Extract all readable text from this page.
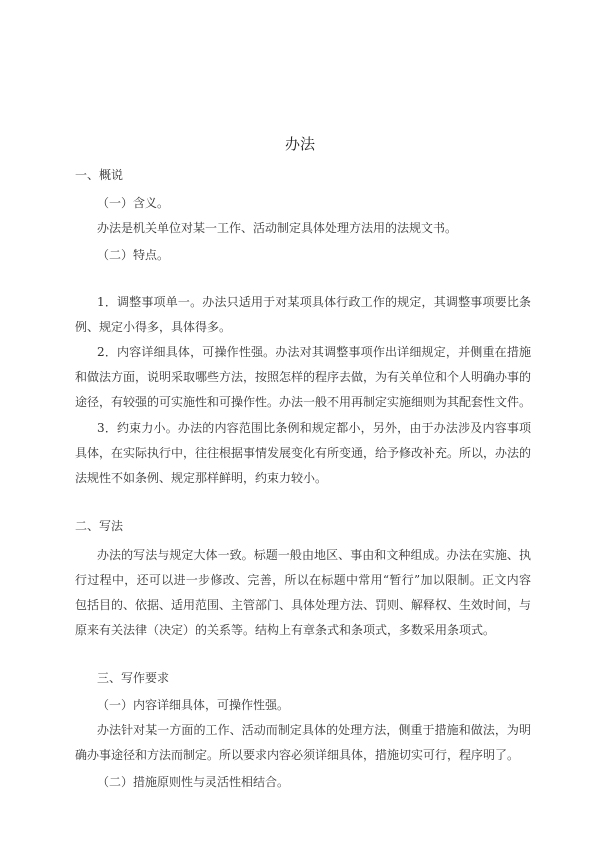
办法
一、概说
（一）含义。
办法是机关单位对某一工作、活动制定具体处理方法用的法规文书。
（二）特点。
1．调整事项单一。办法只适用于对某项具体行政工作的规定，其调整事项要比条例、规定小得多，具体得多。
2．内容详细具体，可操作性强。办法对其调整事项作出详细规定，并侧重在措施和做法方面，说明采取哪些方法，按照怎样的程序去做，为有关单位和个人明确办事的途径，有较强的可实施性和可操作性。办法一般不用再制定实施细则为其配套性文件。
3．约束力小。办法的内容范围比条例和规定都小，另外，由于办法涉及内容事项具体，在实际执行中，往往根据事情发展变化有所变通，给予修改补充。所以，办法的法规性不如条例、规定那样鲜明，约束力较小。
二、写法
办法的写法与规定大体一致。标题一般由地区、事由和文种组成。办法在实施、执行过程中，还可以进一步修改、完善，所以在标题中常用“暂行”加以限制。正文内容包括目的、依据、适用范围、主管部门、具体处理方法、罚则、解释权、生效时间，与原来有关法律（决定）的关系等。结构上有章条式和条项式，多数采用条项式。
三、写作要求
（一）内容详细具体，可操作性强。
办法针对某一方面的工作、活动而制定具体的处理方法，侧重于措施和做法，为明确办事途径和方法而制定。所以要求内容必须详细具体，措施切实可行，程序明了。
（二）措施原则性与灵活性相结合。
